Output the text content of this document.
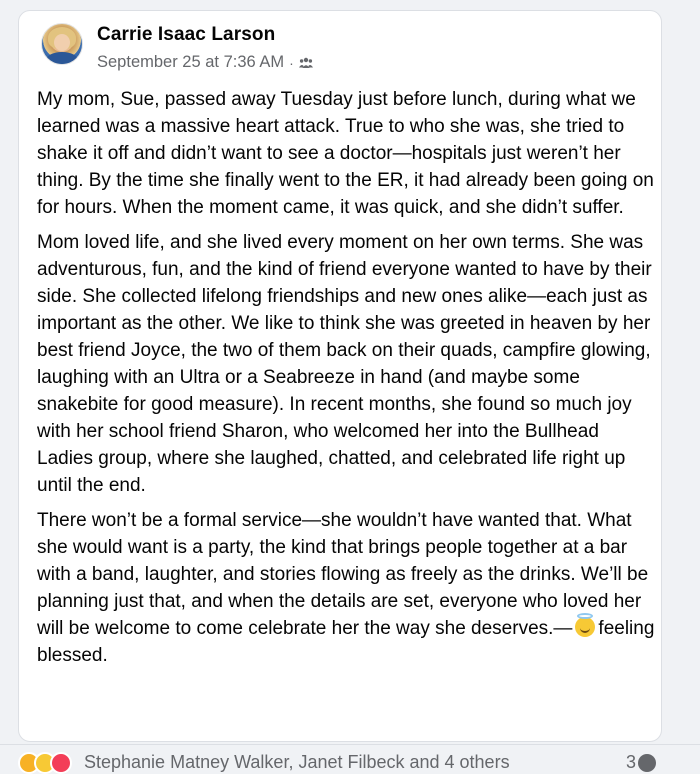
Carrie Isaac Larson
September 25 at 7:36 AM ·

My mom, Sue, passed away Tuesday just before lunch, during what we learned was a massive heart attack. True to who she was, she tried to shake it off and didn’t want to see a doctor—hospitals just weren’t her thing. By the time she finally went to the ER, it had already been going on for hours. When the moment came, it was quick, and she didn’t suffer.

Mom loved life, and she lived every moment on her own terms. She was adventurous, fun, and the kind of friend everyone wanted to have by their side. She collected lifelong friendships and new ones alike—each just as important as the other. We like to think she was greeted in heaven by her best friend Joyce, the two of them back on their quads, campfire glowing, laughing with an Ultra or a Seabreeze in hand (and maybe some snakebite for good measure). In recent months, she found so much joy with her school friend Sharon, who welcomed her into the Bullhead Ladies group, where she laughed, chatted, and celebrated life right up until the end.

There won’t be a formal service—she wouldn’t have wanted that. What she would want is a party, the kind that brings people together at a bar with a band, laughter, and stories flowing as freely as the drinks. We’ll be planning just that, and when the details are set, everyone who loved her will be welcome to come celebrate her the way she deserves.— feeling blessed.

Stephanie Matney Walker, Janet Filbeck and 4 others	3
